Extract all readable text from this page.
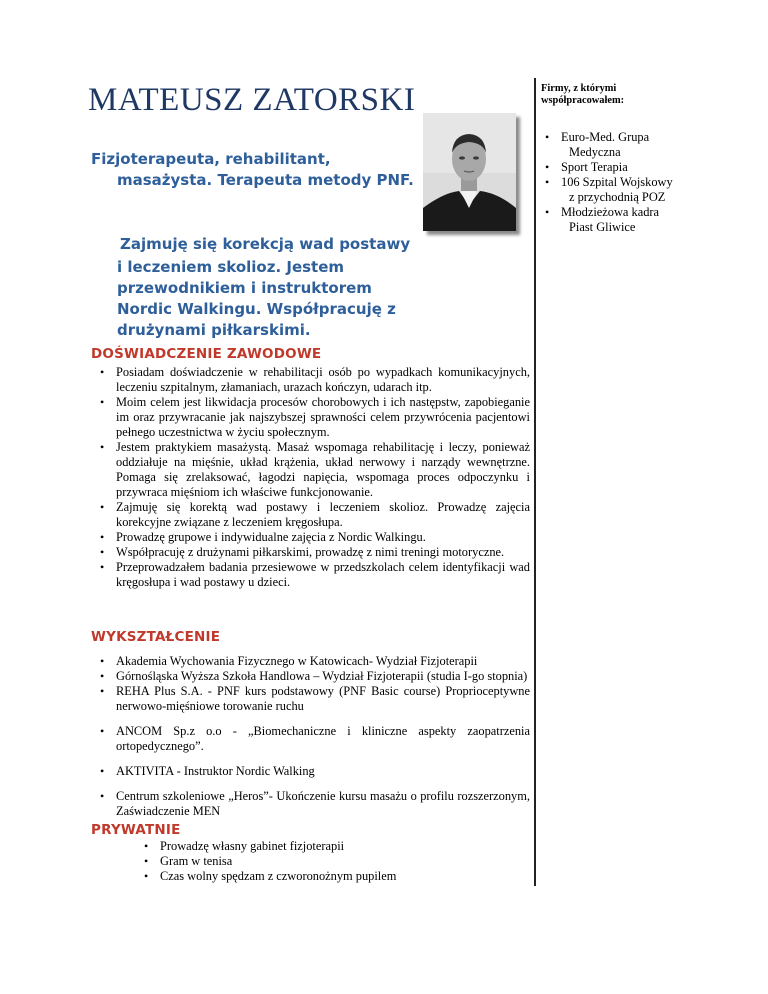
MATEUSZ ZATORSKI
Fizjoterapeuta, rehabilitant,
masażysta. Terapeuta metody PNF.
Zajmuję się korekcją wad postawy
i leczeniem skolioz. Jestem przewodnikiem i instruktorem Nordic Walkingu. Współpracuję z drużynami piłkarskimi.
DOŚWIADCZENIE ZAWODOWE
• Posiadam doświadczenie w rehabilitacji osób po wypadkach komunikacyjnych, leczeniu szpitalnym, złamaniach, urazach kończyn, udarach itp.
• Moim celem jest likwidacja procesów chorobowych i ich następstw, zapobieganie im oraz przywracanie jak najszybszej sprawności celem przywrócenia pacjentowi pełnego uczestnictwa w życiu społecznym.
• Jestem praktykiem masażystą. Masaż wspomaga rehabilitację i leczy, ponieważ oddziałuje na mięśnie, układ krążenia, układ nerwowy i narządy wewnętrzne. Pomaga się zrelaksować, łagodzi napięcia, wspomaga proces odpoczynku i przywraca mięśniom ich właściwe funkcjonowanie.
• Zajmuję się korektą wad postawy i leczeniem skolioz. Prowadzę zajęcia korekcyjne związane z leczeniem kręgosłupa.
• Prowadzę grupowe i indywidualne zajęcia z Nordic Walkingu.
• Współpracuję z drużynami piłkarskimi, prowadzę z nimi treningi motoryczne.
• Przeprowadzałem badania przesiewowe w przedszkolach celem identyfikacji wad kręgosłupa i wad postawy u dzieci.
WYKSZTAŁCENIE
• Akademia Wychowania Fizycznego w Katowicach- Wydział Fizjoterapii
• Górnośląska Wyższa Szkoła Handlowa – Wydział Fizjoterapii (studia I-go stopnia)
• REHA Plus S.A. - PNF kurs podstawowy (PNF Basic course) Proprioceptywne nerwowo-mięśniowe torowanie ruchu
• ANCOM Sp.z o.o - „Biomechaniczne i kliniczne aspekty zaopatrzenia ortopedycznego”.
• AKTIVITA - Instruktor Nordic Walking
• Centrum szkoleniowe „Heros”- Ukończenie kursu masażu o profilu rozszerzonym, Zaświadczenie MEN
PRYWATNIE
• Prowadzę własny gabinet fizjoterapii
• Gram w tenisa
• Czas wolny spędzam z czworonożnym pupilem
Firmy, z którymi współpracowałem:
• Euro-Med. Grupa
Medyczna
• Sport Terapia
• 106 Szpital Wojskowy
z przychodnią POZ
• Młodzieżowa kadra
Piast Gliwice
